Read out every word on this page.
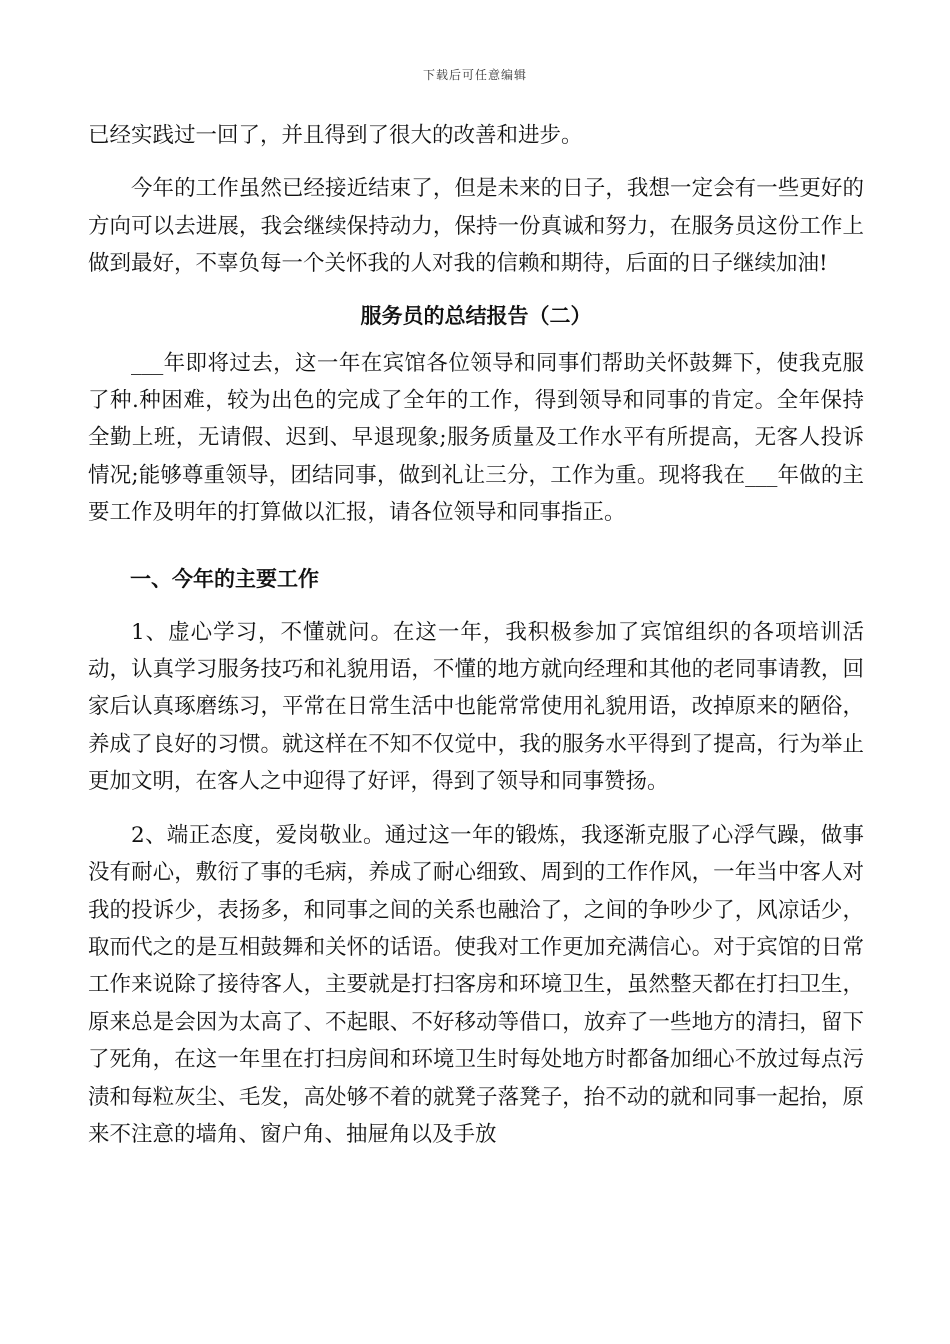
下载后可任意编辑

已经实践过一回了，并且得到了很大的改善和进步。

今年的工作虽然已经接近结束了，但是未来的日子，我想一定会有一些更好的方向可以去进展，我会继续保持动力，保持一份真诚和努力，在服务员这份工作上做到最好，不辜负每一个关怀我的人对我的信赖和期待，后面的日子继续加油!

服务员的总结报告（二）

___年即将过去，这一年在宾馆各位领导和同事们帮助关怀鼓舞下，使我克服了种.种困难，较为出色的完成了全年的工作，得到领导和同事的肯定。全年保持全勤上班，无请假、迟到、早退现象;服务质量及工作水平有所提高，无客人投诉情况;能够尊重领导，团结同事，做到礼让三分，工作为重。现将我在___年做的主要工作及明年的打算做以汇报，请各位领导和同事指正。

一、今年的主要工作

1、虚心学习，不懂就问。在这一年，我积极参加了宾馆组织的各项培训活动，认真学习服务技巧和礼貌用语，不懂的地方就向经理和其他的老同事请教，回家后认真琢磨练习，平常在日常生活中也能常常使用礼貌用语，改掉原来的陋俗，养成了良好的习惯。就这样在不知不仅觉中，我的服务水平得到了提高，行为举止更加文明，在客人之中迎得了好评，得到了领导和同事赞扬。

2、端正态度，爱岗敬业。通过这一年的锻炼，我逐渐克服了心浮气躁，做事没有耐心，敷衍了事的毛病，养成了耐心细致、周到的工作作风，一年当中客人对我的投诉少，表扬多，和同事之间的关系也融洽了，之间的争吵少了，风凉话少，取而代之的是互相鼓舞和关怀的话语。使我对工作更加充满信心。对于宾馆的日常工作来说除了接待客人，主要就是打扫客房和环境卫生，虽然整天都在打扫卫生，原来总是会因为太高了、不起眼、不好移动等借口，放弃了一些地方的清扫，留下了死角，在这一年里在打扫房间和环境卫生时每处地方时都备加细心不放过每点污渍和每粒灰尘、毛发，高处够不着的就凳子落凳子，抬不动的就和同事一起抬，原来不注意的墙角、窗户角、抽屉角以及手放
